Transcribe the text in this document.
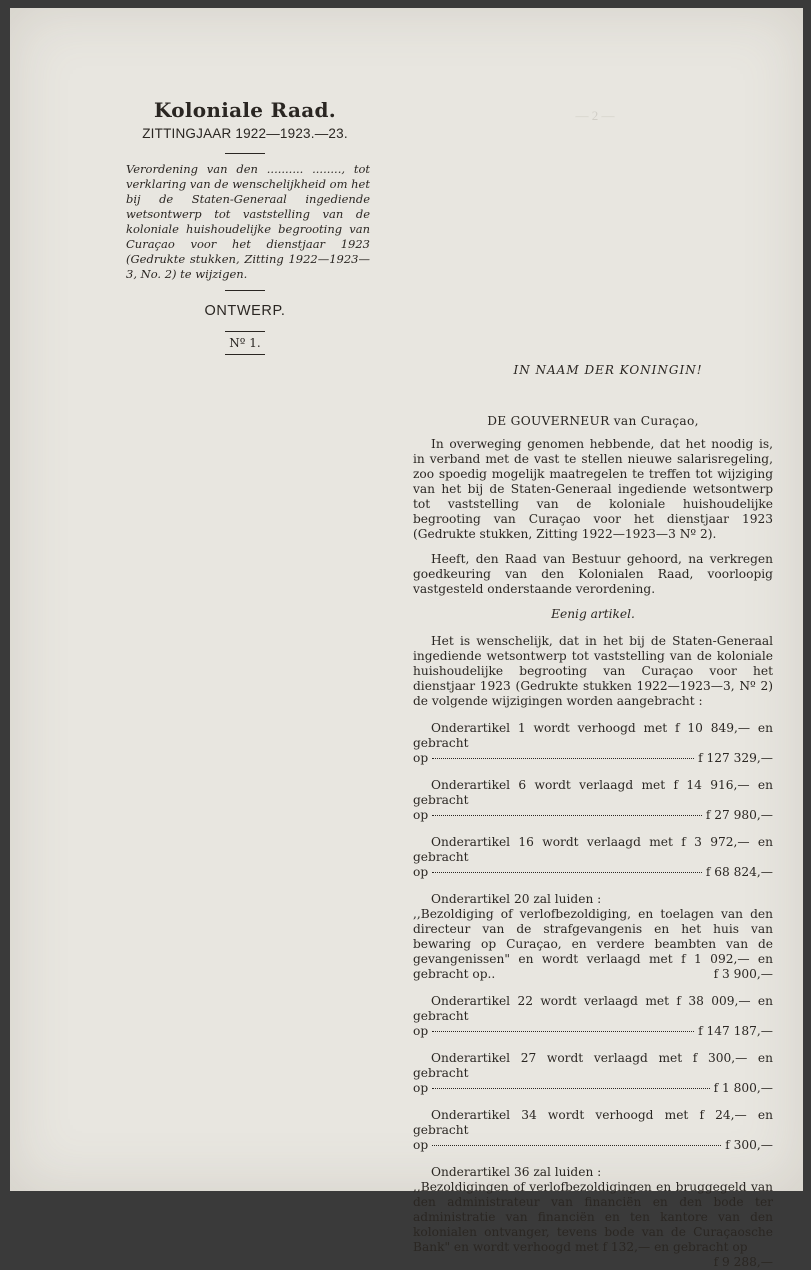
— 2 —
Koloniale Raad.
ZITTINGJAAR 1922—1923.—23.

Verordening van den .......... ........, tot verklaring van de wenschelijkheid om het bij de Staten-Generaal ingediende wetsontwerp tot vaststelling van de koloniale huishoudelijke begrooting van Curaçao voor het dienstjaar 1923 (Gedrukte stukken, Zitting 1922—1923—3, No. 2) te wijzigen.

ONTWERP.
Nº 1.
IN NAAM DER KONINGIN!
DE GOUVERNEUR van Curaçao,
In overweging genomen hebbende, dat het noodig is, in verband met de vast te stellen nieuwe salarisregeling, zoo spoedig mogelijk maatregelen te treffen tot wijziging van het bij de Staten-Generaal ingediende wetsontwerp tot vaststelling van de koloniale huishoudelijke begrooting van Curaçao voor het dienstjaar 1923 (Gedrukte stukken, Zitting 1922—1923—3 Nº 2).
Heeft, den Raad van Bestuur gehoord, na verkregen goedkeuring van den Kolonialen Raad, voorloopig vastgesteld onderstaande verordening.
Eenig artikel.
Het is wenschelijk, dat in het bij de Staten-Generaal ingediende wetsontwerp tot vaststelling van de koloniale huishoudelijke begrooting van Curaçao voor het dienstjaar 1923 (Gedrukte stukken 1922—1923—3, Nº 2) de volgende wijzigingen worden aangebracht :
Onderartikel 1 wordt verhoogd met f 10 849,— en gebracht
op	f 127 329,—
Onderartikel 6 wordt verlaagd met f 14 916,— en gebracht
op	f 27 980,—
Onderartikel 16 wordt verlaagd met f 3 972,— en gebracht
op	f 68 824,—
Onderartikel 20 zal luiden :
,,Bezoldiging of verlofbezoldiging, en toelagen van den directeur van de strafgevangenis en het huis van bewaring op Curaçao, en verdere beambten van de gevangenissen" en wordt verlaagd met f 1 092,— en gebracht op..	f 3 900,—
Onderartikel 22 wordt verlaagd met f 38 009,— en gebracht
op	f 147 187,—
Onderartikel 27 wordt verlaagd met f 300,— en gebracht
op	f 1 800,—
Onderartikel 34 wordt verhoogd met f 24,— en gebracht
op	f 300,—
Onderartikel 36 zal luiden :
,,Bezoldigingen of verlofbezoldigingen en bruggegeld van den administrateur van financiën en den bode ter administratie van financiën en ten kantore van den kolonialen ontvanger, tevens bode van de Curaçaosche Bank" en wordt verhoogd met f 132,— en gebracht op
f 9 288,—
